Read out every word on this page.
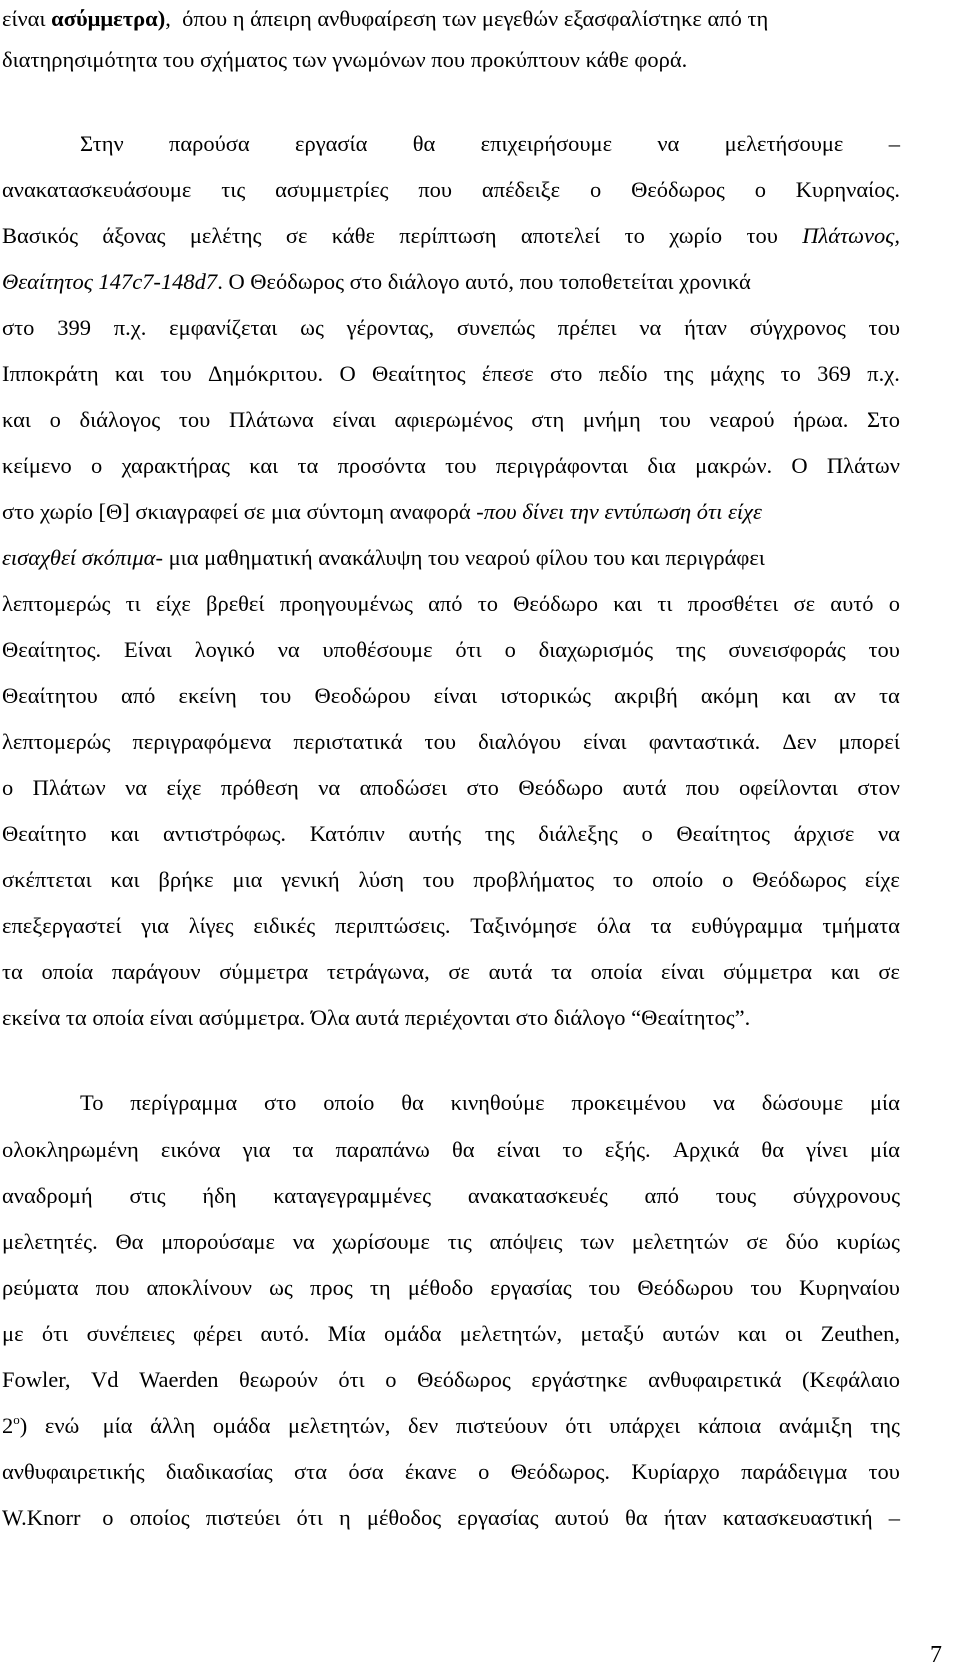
είναι ασύμμετρα),  όπου η άπειρη ανθυφαίρεση των μεγεθών εξασφαλίστηκε από τη
διατηρησιμότητα του σχήματος των γνωμόνων που προκύπτουν κάθε φορά.
Στην παρούσα εργασία θα επιχειρήσουμε να μελετήσουμε –
ανακατασκευάσουμε τις ασυμμετρίες που απέδειξε ο Θεόδωρος ο Κυρηναίος.
Βασικός άξονας μελέτης σε κάθε περίπτωση αποτελεί το χωρίο του Πλάτωνος,
Θεαίτητος 147c7-148d7. Ο Θεόδωρος στο διάλογο αυτό, που τοποθετείται χρονικά
στο 399 π.χ. εμφανίζεται ως γέροντας, συνεπώς πρέπει να ήταν σύγχρονος του
Ιπποκράτη και του Δημόκριτου. Ο Θεαίτητος έπεσε στο πεδίο της μάχης το 369 π.χ.
και ο διάλογος του Πλάτωνα είναι αφιερωμένος στη μνήμη του νεαρού ήρωα. Στο
κείμενο ο χαρακτήρας και τα προσόντα του περιγράφονται δια μακρών. Ο Πλάτων
στο χωρίο [Θ] σκιαγραφεί σε μια σύντομη αναφορά -που δίνει την εντύπωση ότι είχε
εισαχθεί σκόπιμα- μια μαθηματική ανακάλυψη του νεαρού φίλου του και περιγράφει
λεπτομερώς τι είχε βρεθεί προηγουμένως από το Θεόδωρο και τι προσθέτει σε αυτό ο
Θεαίτητος. Είναι λογικό να υποθέσουμε ότι ο διαχωρισμός της συνεισφοράς του
Θεαίτητου από εκείνη του Θεοδώρου είναι ιστορικώς ακριβή ακόμη και αν τα
λεπτομερώς περιγραφόμενα περιστατικά του διαλόγου είναι φανταστικά. Δεν μπορεί
ο Πλάτων να είχε πρόθεση να αποδώσει στο Θεόδωρο αυτά που οφείλονται στον
Θεαίτητο και αντιστρόφως. Κατόπιν αυτής της διάλεξης ο Θεαίτητος άρχισε να
σκέπτεται και βρήκε μια γενική λύση του προβλήματος το οποίο ο Θεόδωρος είχε
επεξεργαστεί για λίγες ειδικές περιπτώσεις. Ταξινόμησε όλα τα ευθύγραμμα τμήματα
τα οποία παράγουν σύμμετρα τετράγωνα, σε αυτά τα οποία είναι σύμμετρα και σε
εκείνα τα οποία είναι ασύμμετρα. Όλα αυτά περιέχονται στο διάλογο “Θεαίτητος”.
Το περίγραμμα στο οποίο θα κινηθούμε προκειμένου να δώσουμε μία
ολοκληρωμένη εικόνα για τα παραπάνω θα είναι το εξής. Αρχικά θα γίνει μία
αναδρομή στις ήδη καταγεγραμμένες ανακατασκευές από τους σύγχρονους
μελετητές. Θα μπορούσαμε να χωρίσουμε τις απόψεις των μελετητών σε δύο κυρίως
ρεύματα που αποκλίνουν ως προς τη μέθοδο εργασίας του Θεόδωρου του Κυρηναίου
με ότι συνέπειες φέρει αυτό. Μία ομάδα μελετητών, μεταξύ αυτών και οι Zeuthen,
Fowler, Vd Waerden θεωρούν ότι ο Θεόδωρος εργάστηκε ανθυφαιρετικά (Κεφάλαιο
$2^o$) ενώ μία άλλη ομάδα μελετητών, δεν πιστεύουν ότι υπάρχει κάποια ανάμιξη της
ανθυφαιρετικής διαδικασίας στα όσα έκανε ο Θεόδωρος. Κυρίαρχο παράδειγμα του
W.Knorr ο οποίος πιστεύει ότι η μέθοδος εργασίας αυτού θα ήταν κατασκευαστική –
7
